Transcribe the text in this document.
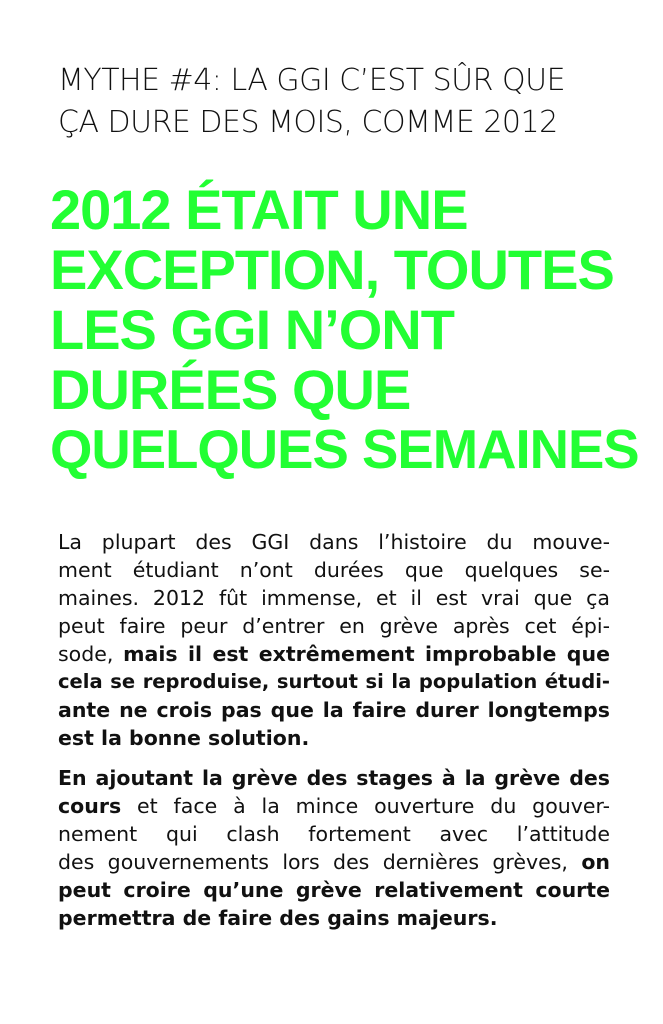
MYTHE #4: LA GGI C’EST SÛR QUE
ÇA DURE DES MOIS, COMME 2012
2012 ÉTAIT UNE
EXCEPTION, TOUTES
LES GGI N’ONT
DURÉES QUE
QUELQUES SEMAINES

La plupart des GGI dans l’histoire du mouve-
ment étudiant n’ont durées que quelques se-
maines. 2012 fût immense, et il est vrai que ça
peut faire peur d’entrer en grève après cet épi-
sode, mais il est extrêmement improbable que
cela se reproduise, surtout si la population étudi-
ante ne crois pas que la faire durer longtemps
est la bonne solution.

En ajoutant la grève des stages à la grève des
cours et face à la mince ouverture du gouver-
nement qui clash fortement avec l’attitude
des gouvernements lors des dernières grèves, on
peut croire qu’une grève relativement courte
permettra de faire des gains majeurs.
